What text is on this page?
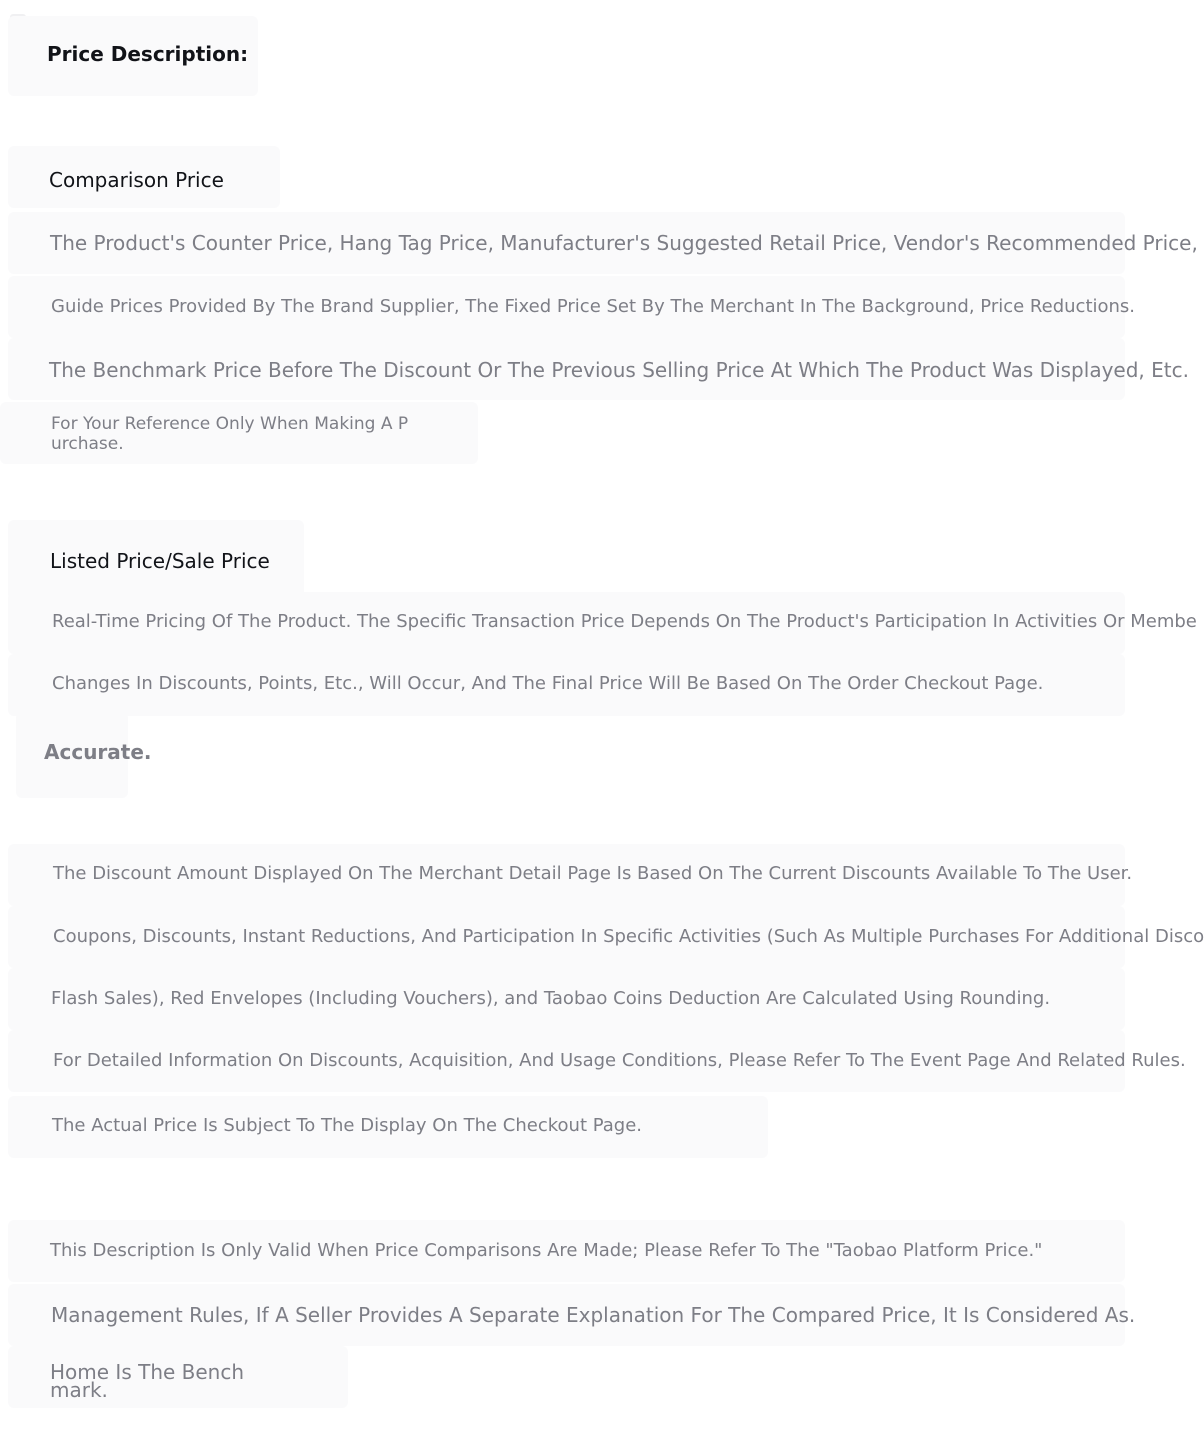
Price Description:
Comparison Price
The Product's Counter Price, Hang Tag Price, Manufacturer's Suggested Retail Price, Vendor's Recommended Price,
Guide Prices Provided By The Brand Supplier, The Fixed Price Set By The Merchant In The Background, Price Reductions.
The Benchmark Price Before The Discount Or The Previous Selling Price At Which The Product Was Displayed, Etc.
For Your Reference Only When Making A Purchase.
Listed Price/Sale Price
Real-Time Pricing Of The Product. The Specific Transaction Price Depends On The Product's Participation In Activities Or Membe
Changes In Discounts, Points, Etc., Will Occur, And The Final Price Will Be Based On The Order Checkout Page.
Accurate.
The Discount Amount Displayed On The Merchant Detail Page Is Based On The Current Discounts Available To The User.
Coupons, Discounts, Instant Reductions, And Participation In Specific Activities (Such As Multiple Purchases For Additional Disco
Flash Sales), Red Envelopes (Including Vouchers), and Taobao Coins Deduction Are Calculated Using Rounding.
For Detailed Information On Discounts, Acquisition, And Usage Conditions, Please Refer To The Event Page And Related Rules.
The Actual Price Is Subject To The Display On The Checkout Page.
This Description Is Only Valid When Price Comparisons Are Made; Please Refer To The "Taobao Platform Price."
Management Rules, If A Seller Provides A Separate Explanation For The Compared Price, It Is Considered As.
Home Is The Benchmark.
